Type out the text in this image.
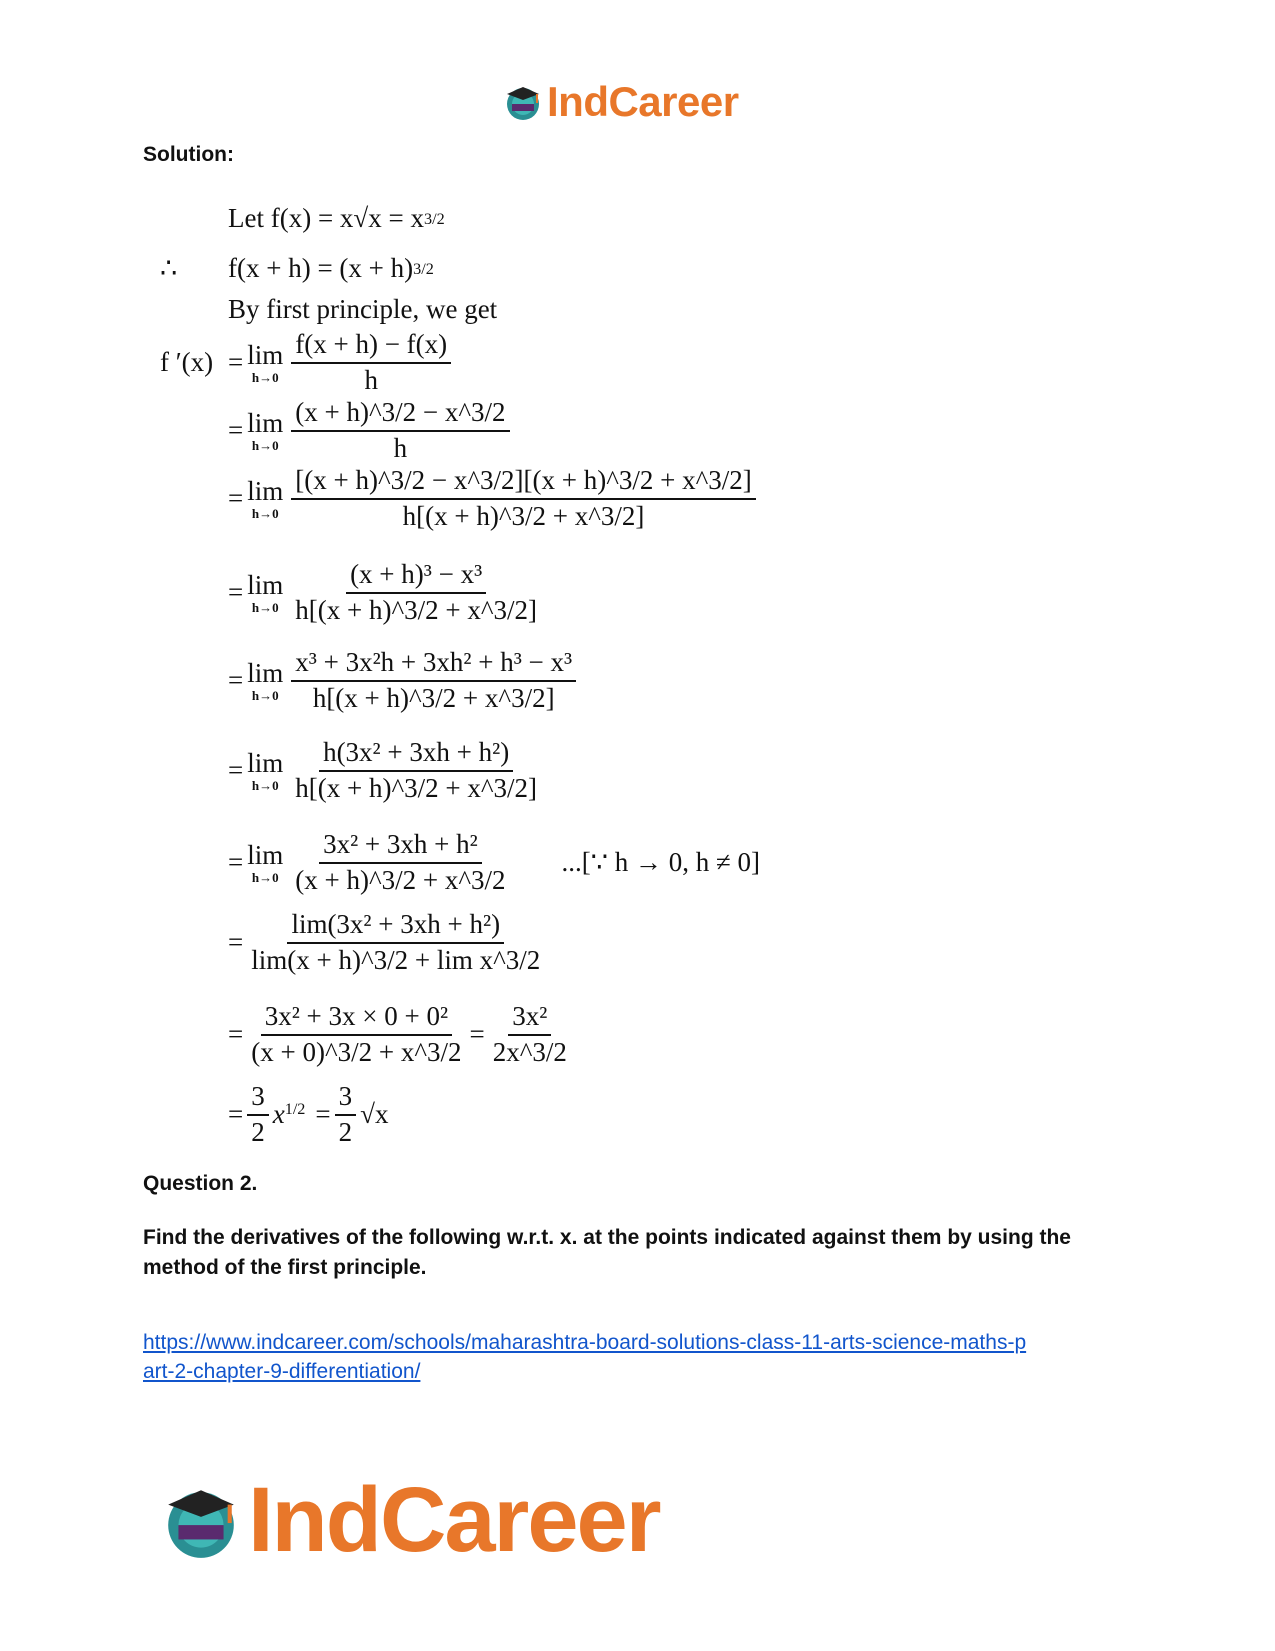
IndCareer
Solution:
Let f(x) = x√x = x 3/2
∴ f(x + h) = (x + h) 3/2
By first principle, we get
f ′(x) = lim
$h\to 0 \frac{f(x + h) - f(x)}{h}$
= lim
$h\to 0 \frac{(x + h)\^{}3/2 - x\^{}3/2}{h}$
= lim
$h\to 0 \frac{[(x + h)\^{}3/2 - x\^{}3/2][(x + h)\^{}3/2 + x\^{}3/2]}{h[(x + h)\^{}3/2 + x\^{}3/2]}$
= lim
$h\to 0 \frac{\text{(x + h)³ − x³}}{h[(x + h)\^{}3/2 + x\^{}3/2]}$
= lim
$h\to 0 \frac{\text{x³ + 3x²h + 3xh² + h³ − x³}}{h[(x + h)\^{}3/2 + x\^{}3/2]}$
= lim
$h\to 0 \frac{\text{h(3x² + 3xh + h²)}}{h[(x + h)\^{}3/2 + x\^{}3/2]}$
= lim
$h\to 0 \frac{\text{3x² + 3xh + h²}}{(x + h)\^{}3/2 + x\^{}3/2}$ ...[∵ h → 0, h ≠ 0]
= $\frac{\text{lim(3x² + 3xh + h²)}}{\text{lim(x + h)\textasciicircum{}3/2 + lim x\textasciicircum{}3/2}}$
= $\frac{\text{3x² + 3x × 0 + 0²}}{(x + 0)\^{}3/2 + x\^{}3/2} = \frac{\text{3x²}}{2x\^{}3/2}$
= $\frac{3}{2} x^{1/2} = \frac{3}{2} √x$
Question 2.
Find the derivatives of the following w.r.t. x. at the points indicated against them by using the method of the first principle.
https://www.indcareer.com/schools/maharashtra-board-solutions-class-11-arts-science-maths-p
art-2-chapter-9-differentiation/
IndCareer
